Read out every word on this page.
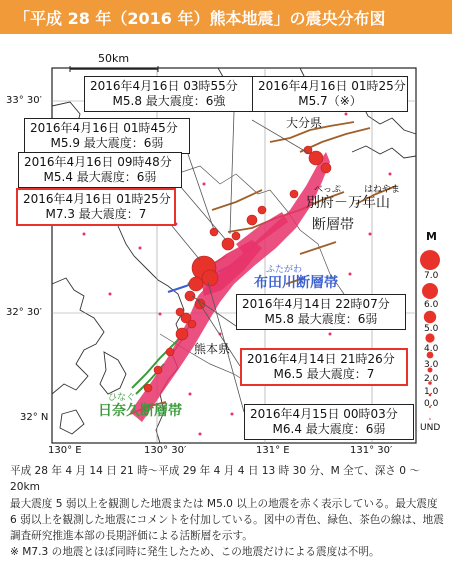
「平成 28 年（2016 年）熊本地震」の震央分布図
33° 30′
32° 30′
32° N
130° E	130° 30′	131° E	131° 30′
50km
2016年4月16日 03時55分
M5.8 最大震度：6強
2016年4月16日 01時25分
M5.7（※）
2016年4月16日 01時45分
M5.9 最大震度：6弱
2016年4月16日 09時48分
M5.4 最大震度：6弱
2016年4月16日 01時25分
M7.3 最大震度：7
2016年4月14日 22時07分
M5.8 最大震度：6弱
2016年4月14日 21時26分
M6.5 最大震度：7
2016年4月15日 00時03分
M6.4 最大震度：6弱
大分県
熊本県
べっぷ	はねやま
別府－万年山
断層帯
ふたがわ
布田川断層帯
ひなぐ
日奈久断層帯
M
7.0
6.0
5.0
4.0
3.0
2.0
1.0
0.0
UND

平成 28 年 4 月 14 日 21 時～平成 29 年 4 月 4 日 13 時 30 分、M 全て、深さ 0 ～ 20km

最大震度 5 弱以上を観測した地震または M5.0 以上の地震を赤く表示している。最大震度 6 弱以上を観測した地震にコメントを付加している。図中の青色、緑色、茶色の線は、地震調査研究推進本部の長期評価による活断層を示す。

※ M7.3 の地震とほぼ同時に発生したため、この地震だけによる震度は不明。
